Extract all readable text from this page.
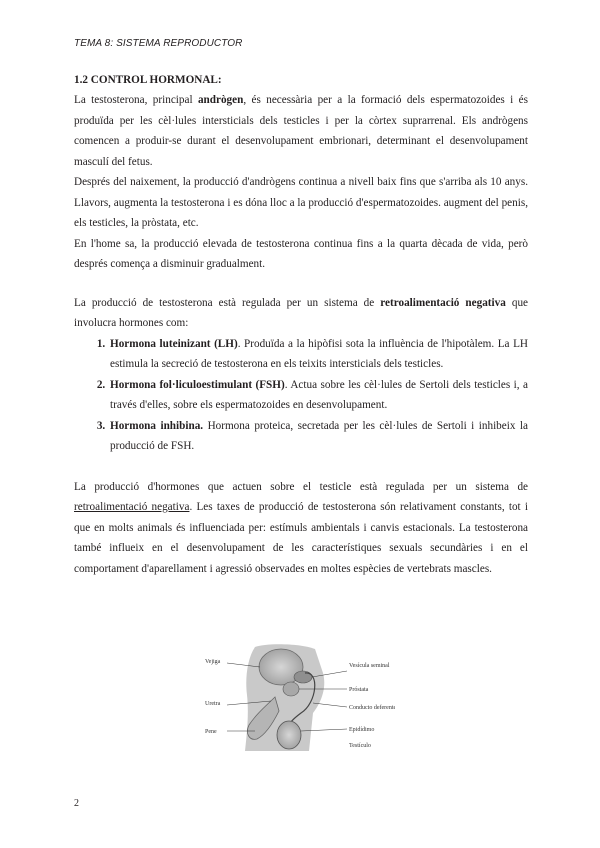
TEMA 8: SISTEMA REPRODUCTOR
1.2 CONTROL HORMONAL:

La testosterona, principal andrògen, és necessària per a la formació dels espermatozoides i és produïda per les cèl·lules intersticials dels testicles i per la còrtex suprarrenal. Els andrògens comencen a produir-se durant el desenvolupament embrionari, determinant el desenvolupament masculí del fetus.

Després del naixement, la producció d'andrògens continua a nivell baix fins que s'arriba als 10 anys. Llavors, augmenta la testosterona i es dóna lloc a la producció d'espermatozoides. augment del penis, els testicles, la pròstata, etc.

En l'home sa, la producció elevada de testosterona continua fins a la quarta dècada de vida, però després comença a disminuir gradualment.

La producció de testosterona està regulada per un sistema de retroalimentació negativa que involucra hormones com:

1. Hormona luteinizant (LH). Produïda a la hipòfisi sota la influència de l'hipotàlem. La LH estimula la secreció de testosterona en els teixits intersticials dels testicles.
2. Hormona fol·liculoestimulant (FSH). Actua sobre les cèl·lules de Sertoli dels testicles i, a través d'elles, sobre els espermatozoides en desenvolupament.
3. Hormona inhibina. Hormona proteica, secretada per les cèl·lules de Sertoli i inhibeix la producció de FSH.

La producció d'hormones que actuen sobre el testicle està regulada per un sistema de retroalimentació negativa. Les taxes de producció de testosterona són relativament constants, tot i que en molts animals és influenciada per: estímuls ambientals i canvis estacionals. La testosterona també influeix en el desenvolupament de les característiques sexuals secundàries i en el comportament d'aparellament i agressió observades en moltes espècies de vertebrats mascles.

Vejiga
Uretra
Pene
Vesícula seminal
Próstata
Conducto deferente
Epidídimo
Testículo
2
